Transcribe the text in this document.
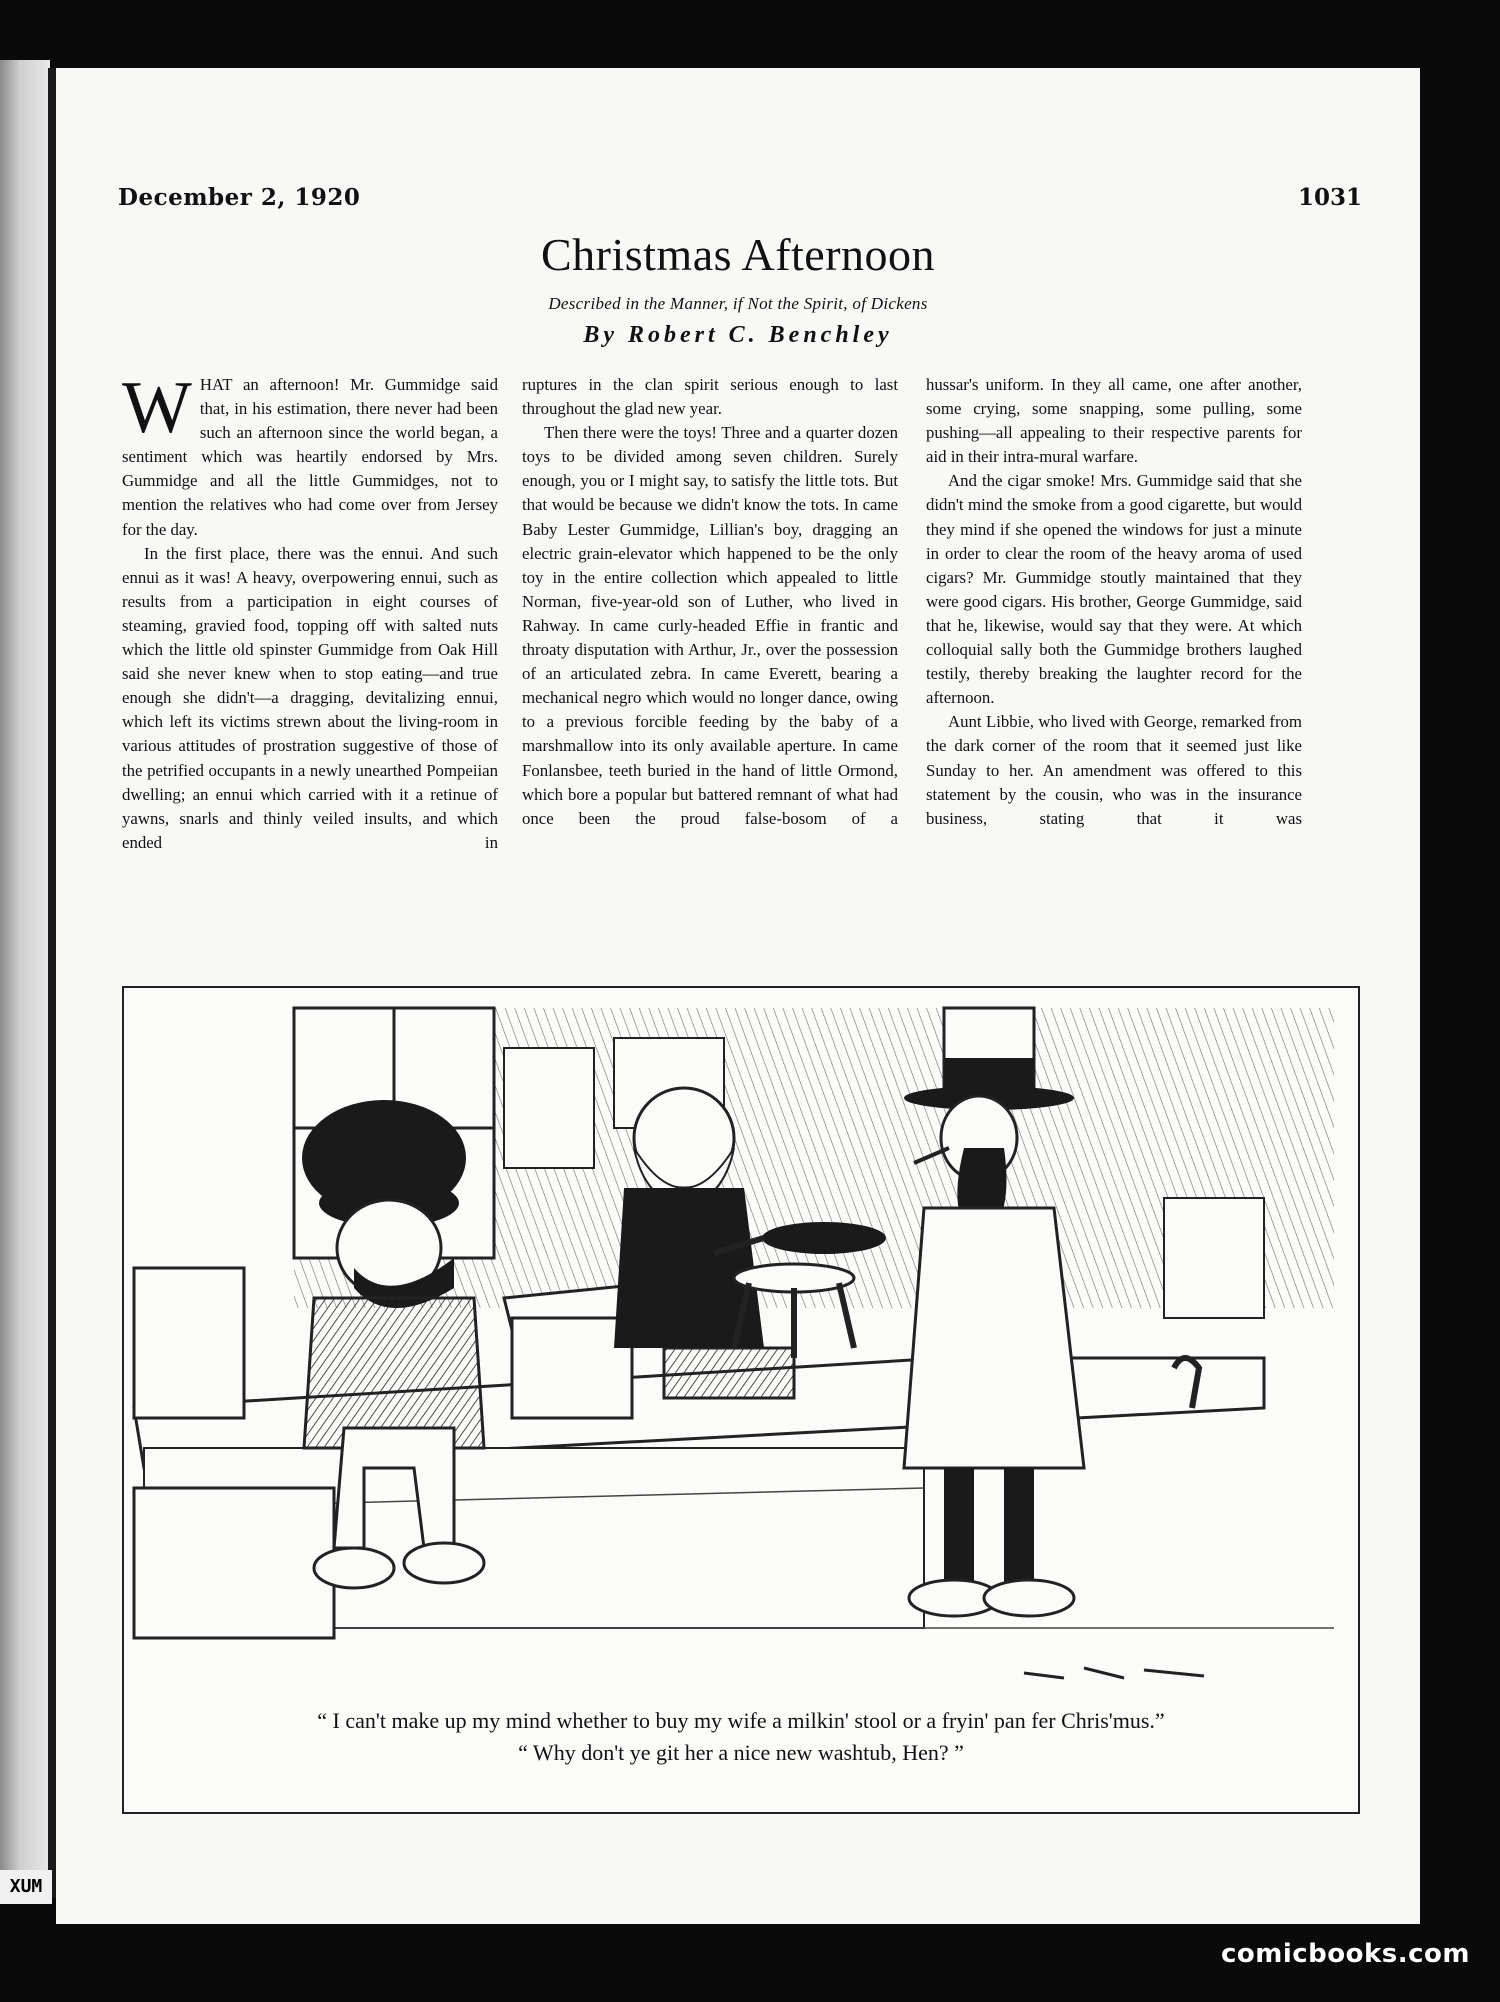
December 2, 1920	1031
Christmas Afternoon
Described in the Manner, if Not the Spirit, of Dickens
By Robert C. Benchley
W HAT an afternoon! Mr. Gummidge said that, in his estimation, there never had been such an afternoon since the world began, a sentiment which was heartily endorsed by Mrs. Gummidge and all the little Gummidges, not to mention the relatives who had come over from Jersey for the day.

In the first place, there was the ennui. And such ennui as it was! A heavy, overpowering ennui, such as results from a participation in eight courses of steaming, gravied food, topping off with salted nuts which the little old spinster Gummidge from Oak Hill said she never knew when to stop eating—and true enough she didn't—a dragging, devitalizing ennui, which left its victims strewn about the living-room in various attitudes of prostration suggestive of those of the petrified occupants in a newly unearthed Pompeiian dwelling; an ennui which carried with it a retinue of yawns, snarls and thinly veiled insults, and which ended in

ruptures in the clan spirit serious enough to last throughout the glad new year.

Then there were the toys! Three and a quarter dozen toys to be divided among seven children. Surely enough, you or I might say, to satisfy the little tots. But that would be because we didn't know the tots. In came Baby Lester Gummidge, Lillian's boy, dragging an electric grain-elevator which happened to be the only toy in the entire collection which appealed to little Norman, five-year-old son of Luther, who lived in Rahway. In came curly-headed Effie in frantic and throaty disputation with Arthur, Jr., over the possession of an articulated zebra. In came Everett, bearing a mechanical negro which would no longer dance, owing to a previous forcible feeding by the baby of a marshmallow into its only available aperture. In came Fonlansbee, teeth buried in the hand of little Ormond, which bore a popular but battered remnant of what had once been the proud false-bosom of a

hussar's uniform. In they all came, one after another, some crying, some snapping, some pulling, some pushing—all appealing to their respective parents for aid in their intra-mural warfare.

And the cigar smoke! Mrs. Gummidge said that she didn't mind the smoke from a good cigarette, but would they mind if she opened the windows for just a minute in order to clear the room of the heavy aroma of used cigars? Mr. Gummidge stoutly maintained that they were good cigars. His brother, George Gummidge, said that he, likewise, would say that they were. At which colloquial sally both the Gummidge brothers laughed testily, thereby breaking the laughter record for the afternoon.

Aunt Libbie, who lived with George, remarked from the dark corner of the room that it seemed just like Sunday to her. An amendment was offered to this statement by the cousin, who was in the insurance business, stating that it was

“ I can't make up my mind whether to buy my wife a milkin' stool or a fryin' pan fer Chris'mus.”
“ Why don't ye git her a nice new washtub, Hen? ”
XUM
comicbooks.com
